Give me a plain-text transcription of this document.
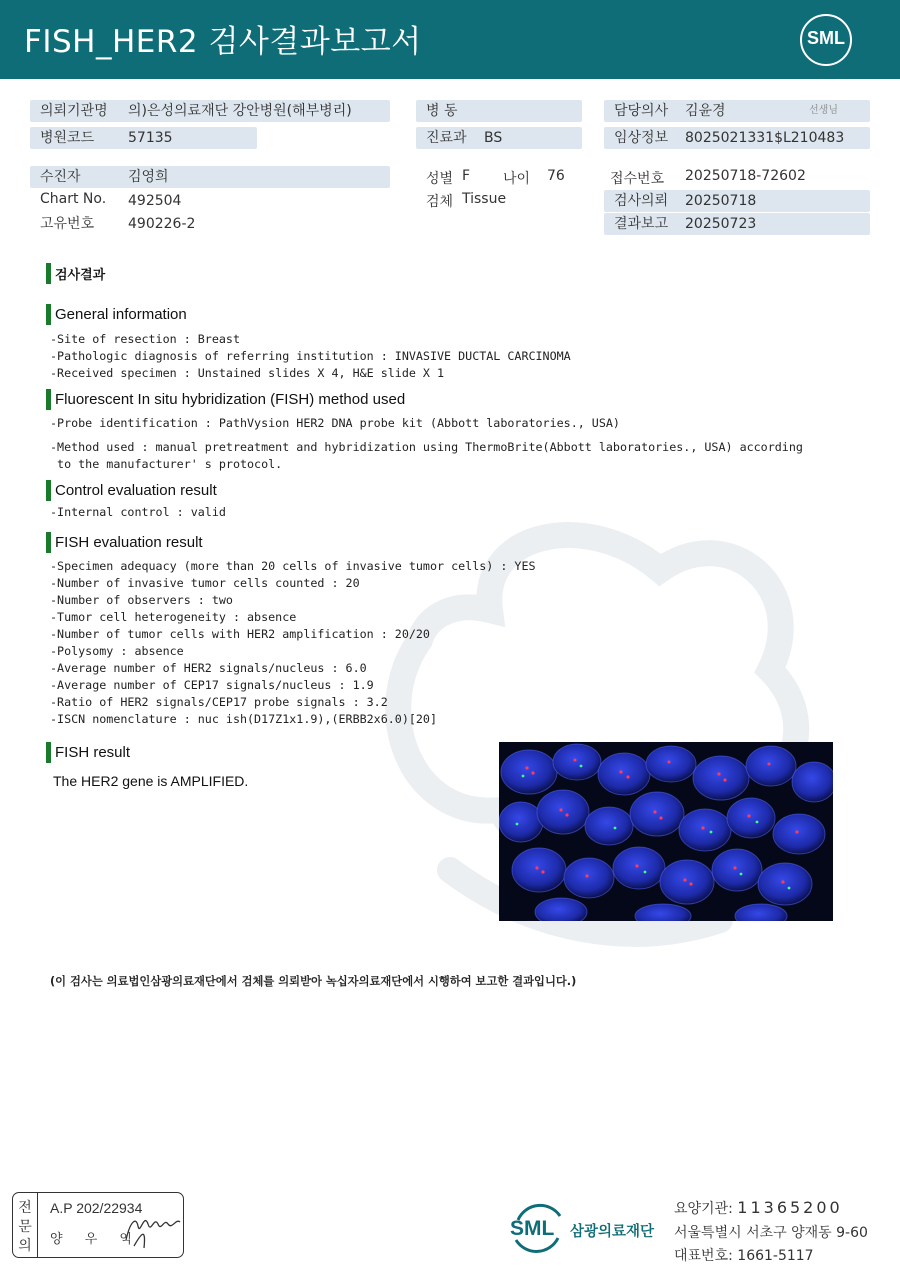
FISH_HER2 검사결과보고서	SML
의뢰기관명 의)은성의료재단 강안병원(해부병리)
병원코드 57135
병 동
진료과 BS
담당의사 김윤경	선생님
임상정보 8025021331$L210483
수진자	김영희
Chart No. 492504
고유번호 490226-2
성별 F 나이 76
검체 Tissue
접수번호 20250718-72602
검사의뢰 20250718
결과보고 20250723
검사결과
General information
-Site of resection : Breast
-Pathologic diagnosis of referring institution : INVASIVE DUCTAL CARCINOMA
-Received specimen : Unstained slides X 4, H&E slide X 1
Fluorescent In situ hybridization (FISH) method used
-Probe identification : PathVysion HER2 DNA probe kit (Abbott laboratories., USA)
-Method used : manual pretreatment and hybridization using ThermoBrite(Abbott laboratories., USA) according
to the manufacturer' s protocol.
Control evaluation result
-Internal control : valid
FISH evaluation result
-Specimen adequacy (more than 20 cells of invasive tumor cells) : YES
-Number of invasive tumor cells counted : 20
-Number of observers : two
-Tumor cell heterogeneity : absence
-Number of tumor cells with HER2 amplification : 20/20
-Polysomy : absence
-Average number of HER2 signals/nucleus : 6.0
-Average number of CEP17 signals/nucleus : 1.9
-Ratio of HER2 signals/CEP17 probe signals : 3.2
-ISCN nomenclature : nuc ish(D17Z1x1.9),(ERBB2x6.0)[20]
FISH result
The HER2 gene is AMPLIFIED.
(이 검사는 의료법인삼광의료재단에서 검체를 의뢰받아 녹십자의료재단에서 시행하여 보고한 결과입니다.)
전
문
의
A.P 202/22934
양 우 익	SML 삼광의료재단
요양기관: 11365200
서울특별시 서초구 양재동 9-60
대표번호: 1661-5117
